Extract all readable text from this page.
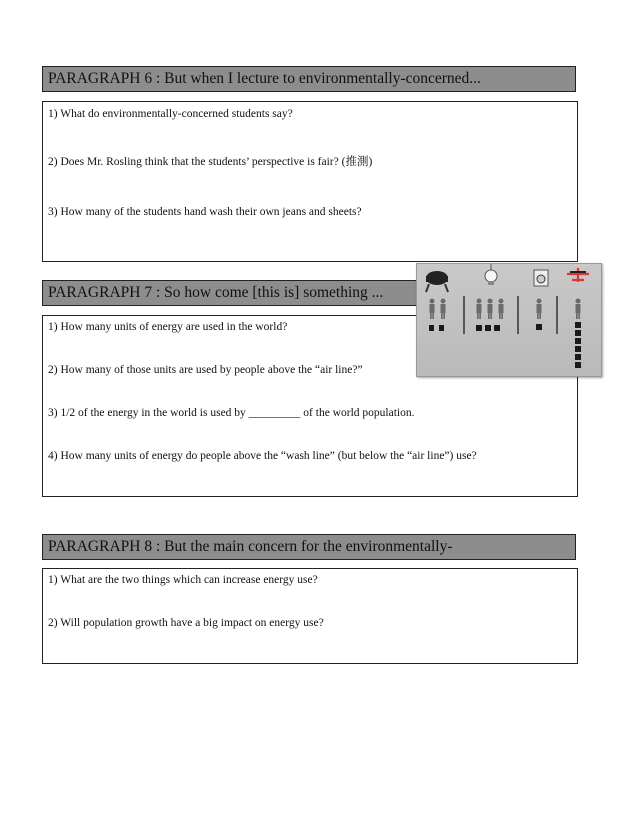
PARAGRAPH 6 : But when I lecture to environmentally-concerned...
1) What do environmentally-concerned students say?
2) Does Mr. Rosling think that the students’ perspective is fair? (推測)
3) How many of the students hand wash their own jeans and sheets?
PARAGRAPH 7 : So how come [this is] something ...
1) How many units of energy are used in the world?
2) How many of those units are used by people above the “air line?”
3) 1/2 of the energy in the world is used by _________ of the world population.
4) How many units of energy do people above the “wash line” (but below the “air line”) use?
PARAGRAPH 8 : But the main concern for the environmentally-
1) What are the two things which can increase energy use?
2) Will population growth have a big impact on energy use?
